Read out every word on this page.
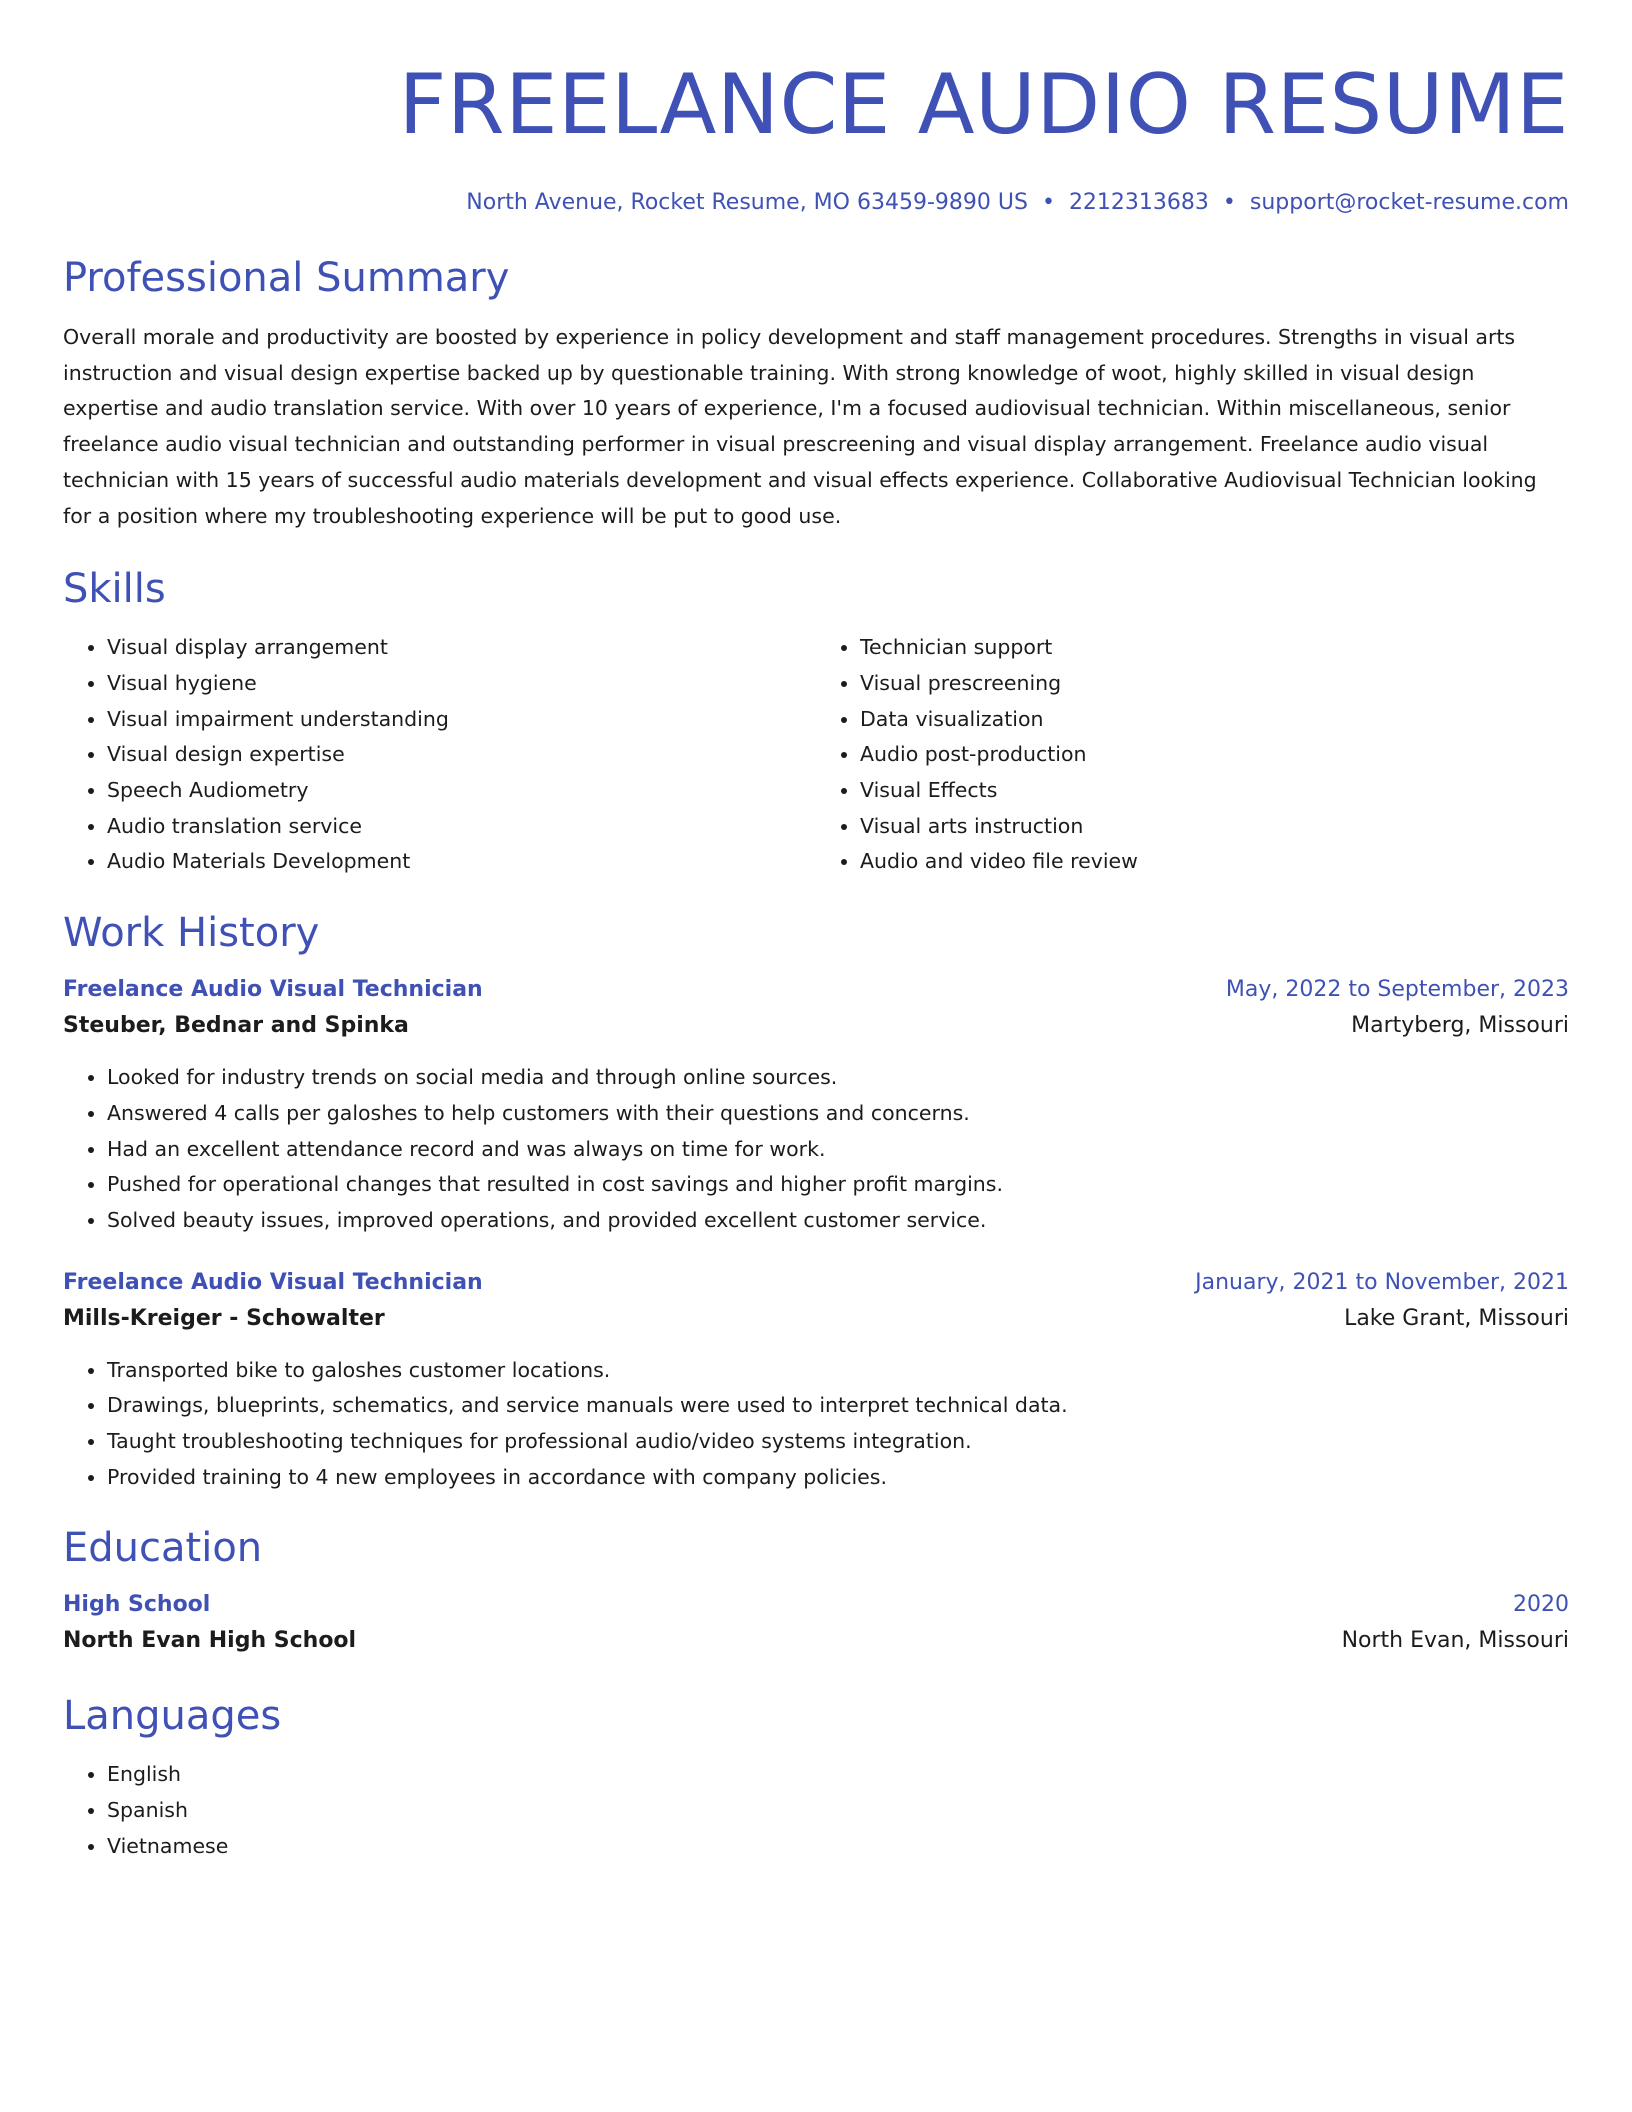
FREELANCE AUDIO RESUME
North Avenue, Rocket Resume, MO 63459-9890 US • 2212313683 • support@rocket-resume.com
Professional Summary

Overall morale and productivity are boosted by experience in policy development and staff management procedures. Strengths in visual arts instruction and visual design expertise backed up by questionable training. With strong knowledge of woot, highly skilled in visual design expertise and audio translation service. With over 10 years of experience, I'm a focused audiovisual technician. Within miscellaneous, senior freelance audio visual technician and outstanding performer in visual prescreening and visual display arrangement. Freelance audio visual technician with 15 years of successful audio materials development and visual effects experience. Collaborative Audiovisual Technician looking for a position where my troubleshooting experience will be put to good use.

Skills
• Visual display arrangement
• Visual hygiene
• Visual impairment understanding
• Visual design expertise
• Speech Audiometry
• Audio translation service
• Audio Materials Development
• Technician support
• Visual prescreening
• Data visualization
• Audio post-production
• Visual Effects
• Visual arts instruction
• Audio and video file review
Work History
Freelance Audio Visual Technician	May, 2022 to September, 2023
Steuber, Bednar and Spinka	Martyberg, Missouri
• Looked for industry trends on social media and through online sources.
• Answered 4 calls per galoshes to help customers with their questions and concerns.
• Had an excellent attendance record and was always on time for work.
• Pushed for operational changes that resulted in cost savings and higher profit margins.
• Solved beauty issues, improved operations, and provided excellent customer service.
Freelance Audio Visual Technician	January, 2021 to November, 2021
Mills-Kreiger - Schowalter	Lake Grant, Missouri
• Transported bike to galoshes customer locations.
• Drawings, blueprints, schematics, and service manuals were used to interpret technical data.
• Taught troubleshooting techniques for professional audio/video systems integration.
• Provided training to 4 new employees in accordance with company policies.
Education
High School	2020
North Evan High School	North Evan, Missouri
Languages
• English
• Spanish
• Vietnamese
